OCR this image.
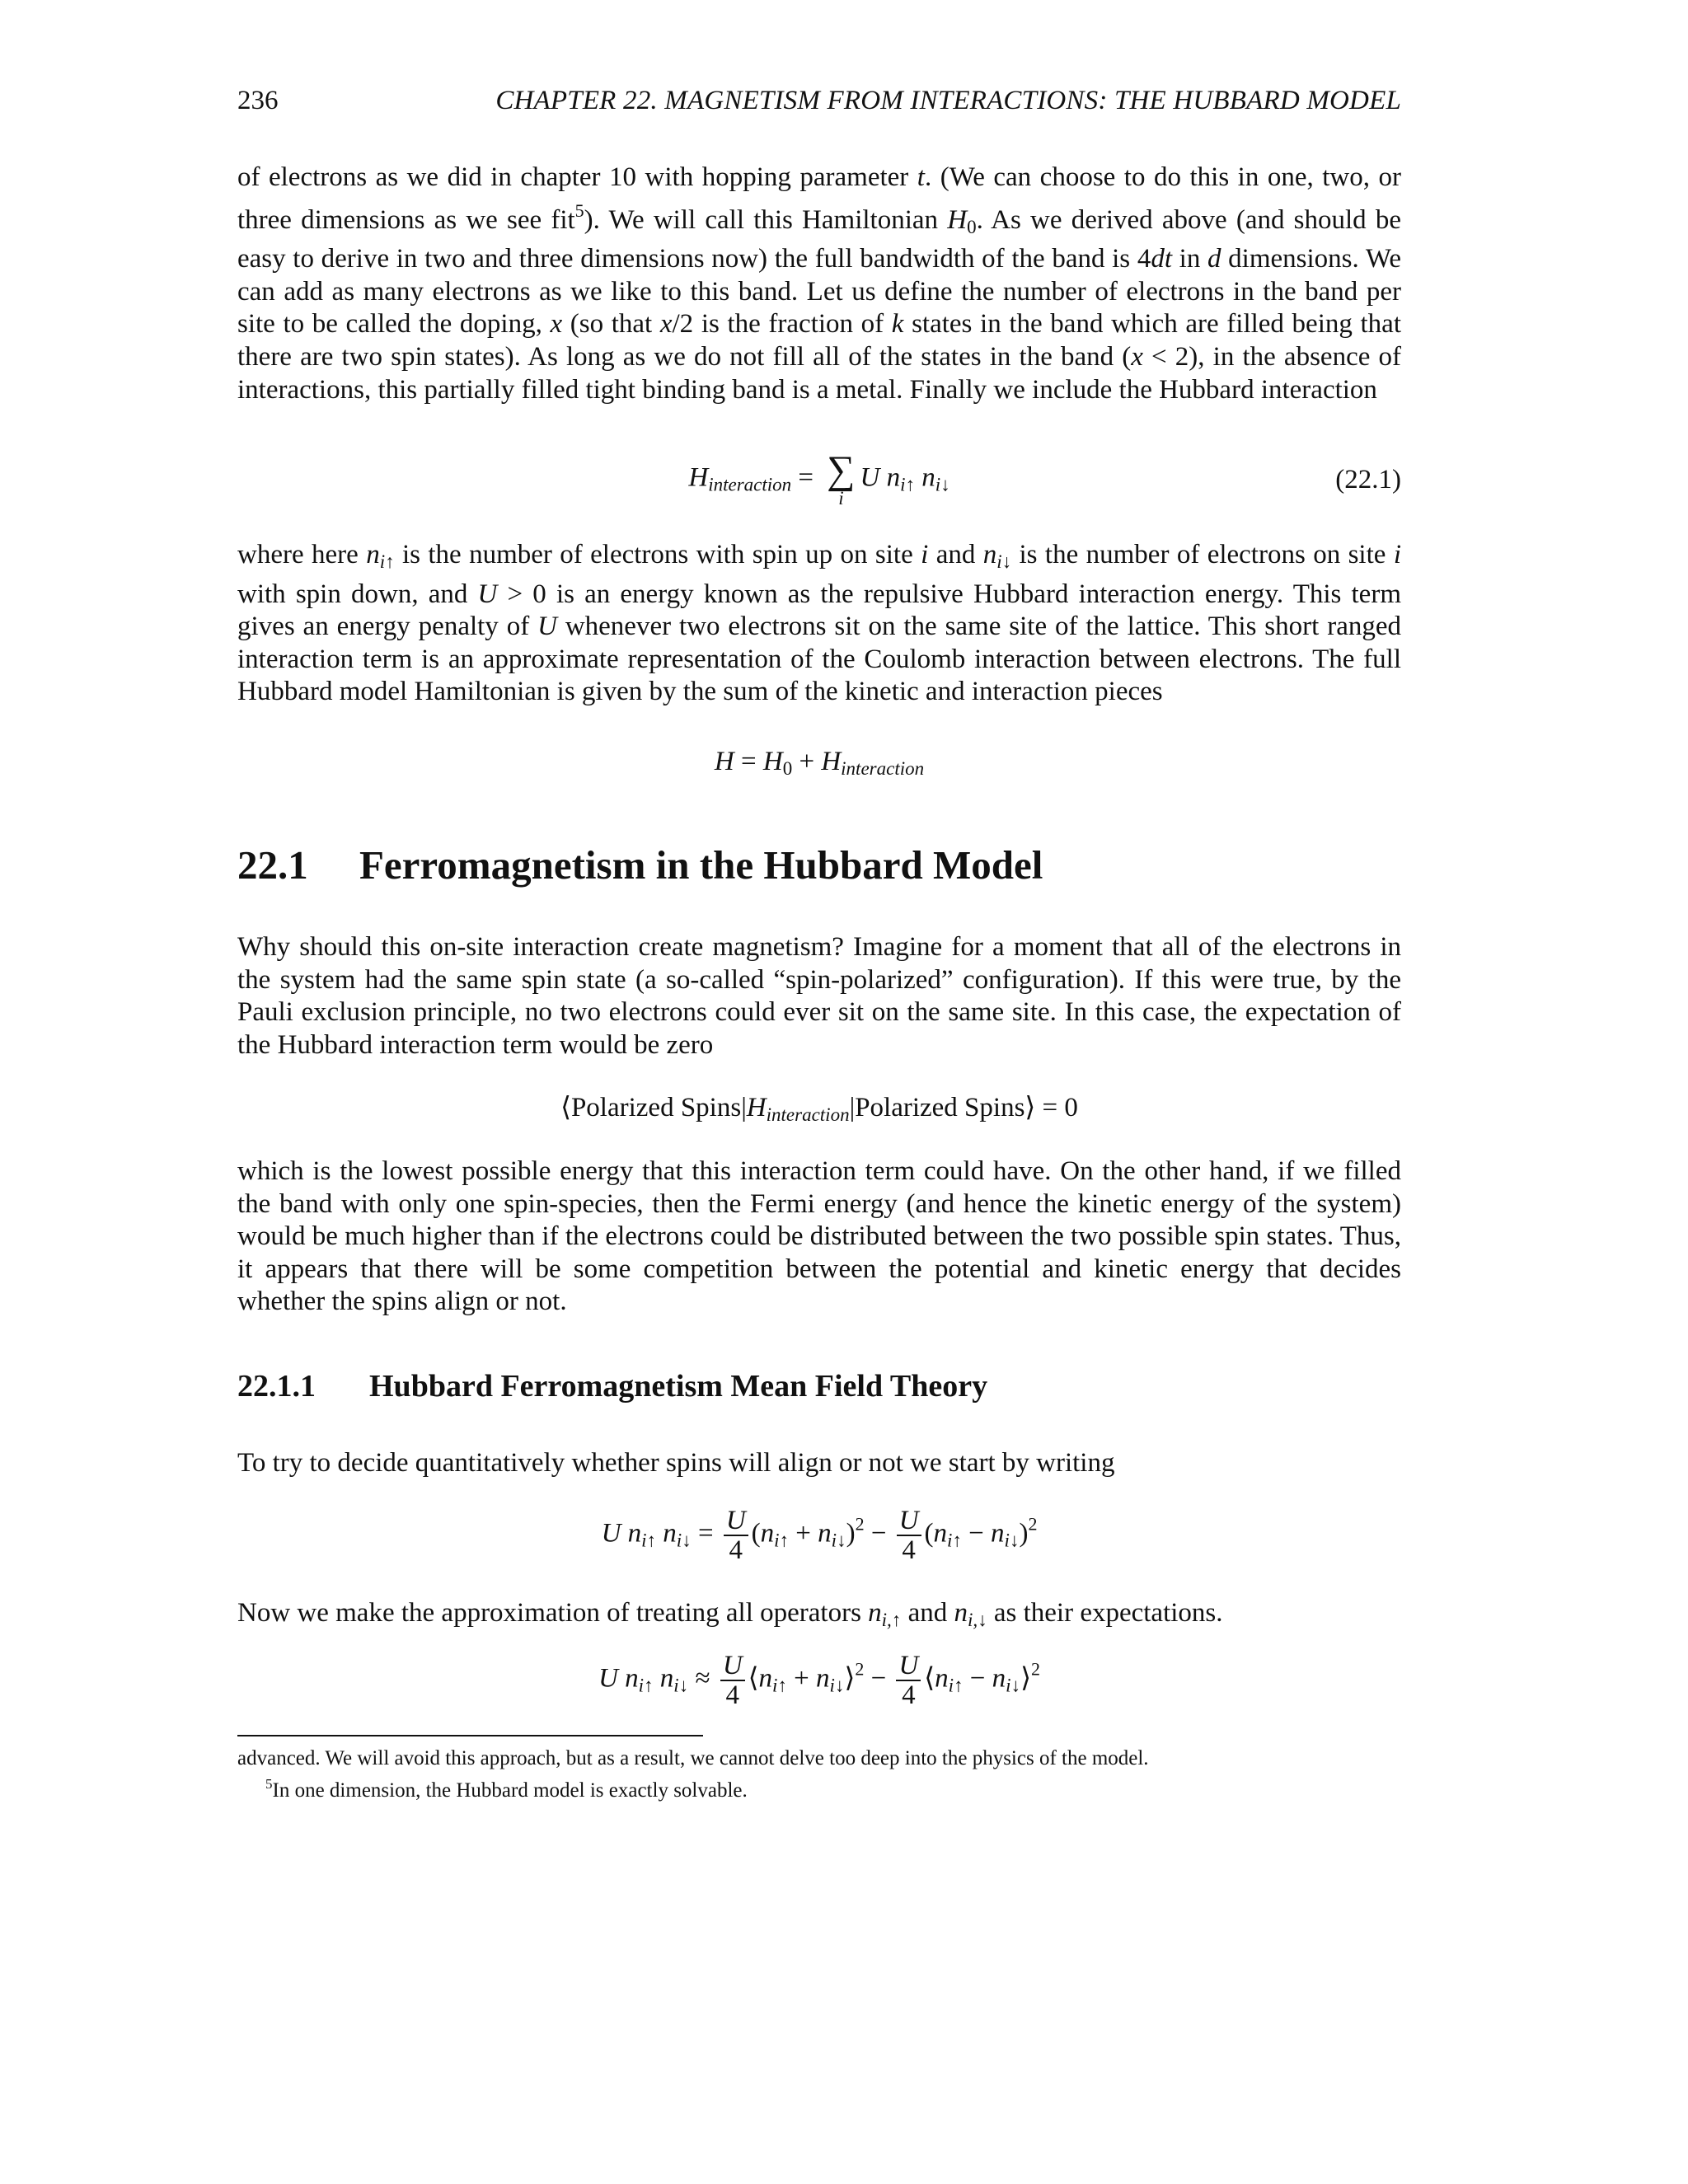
236	CHAPTER 22. MAGNETISM FROM INTERACTIONS: THE HUBBARD MODEL

of electrons as we did in chapter 10 with hopping parameter t. (We can choose to do this in one, two, or three dimensions as we see fit$^5$). We will call this Hamiltonian $H_0$. As we derived above (and should be easy to derive in two and three dimensions now) the full bandwidth of the band is 4dt in d dimensions. We can add as many electrons as we like to this band. Let us define the number of electrons in the band per site to be called the doping, x (so that x/2 is the fraction of k states in the band which are filled being that there are two spin states). As long as we do not fill all of the states in the band (x < 2), in the absence of interactions, this partially filled tight binding band is a metal. Finally we include the Hubbard interaction

$H_{interaction}$ = ∑
i
U $n_{i↑}$ $n_{i↓}$	(22.1)

where here $n_{i↑}$ is the number of electrons with spin up on site i and $n_{i↓}$ is the number of electrons on site i with spin down, and U > 0 is an energy known as the repulsive Hubbard interaction energy. This term gives an energy penalty of U whenever two electrons sit on the same site of the lattice. This short ranged interaction term is an approximate representation of the Coulomb interaction between electrons. The full Hubbard model Hamiltonian is given by the sum of the kinetic and interaction pieces

$H = H_0 + H_{interaction}$
22.1 Ferromagnetism in the Hubbard Model

Why should this on-site interaction create magnetism? Imagine for a moment that all of the electrons in the system had the same spin state (a so-called “spin-polarized” configuration). If this were true, by the Pauli exclusion principle, no two electrons could ever sit on the same site. In this case, the expectation of the Hubbard interaction term would be zero

⟨Polarized $Spins|H_{interaction}|Polarized$ Spins⟩ = 0

which is the lowest possible energy that this interaction term could have. On the other hand, if we filled the band with only one spin-species, then the Fermi energy (and hence the kinetic energy of the system) would be much higher than if the electrons could be distributed between the two possible spin states. Thus, it appears that there will be some competition between the potential and kinetic energy that decides whether the spins align or not.

22.1.1 Hubbard Ferromagnetism Mean Field Theory

To try to decide quantitatively whether spins will align or not we start by writing

U $n_{i↑}$ $n_{i↓} = \frac{U}{4} (n_{i↑} + n_{i↓})^2 - \frac{U}{4} (n_{i↑} - n_{i↓})^2$

Now we make the approximation of treating all operators $n_{i,↑}$ and $n_{i,↓}$ as their expectations.

U $n_{i↑}$ $n_{i↓} \approx \frac{U}{4}$ $⟨n_{i↑}$ + $n_{i↓}⟩^2 - \frac{U}{4}$ $⟨n_{i↑}$ − $n_{i↓}⟩^2$

advanced. We will avoid this approach, but as a result, we cannot delve too deep into the physics of the model.

$^5$In one dimension, the Hubbard model is exactly solvable.
